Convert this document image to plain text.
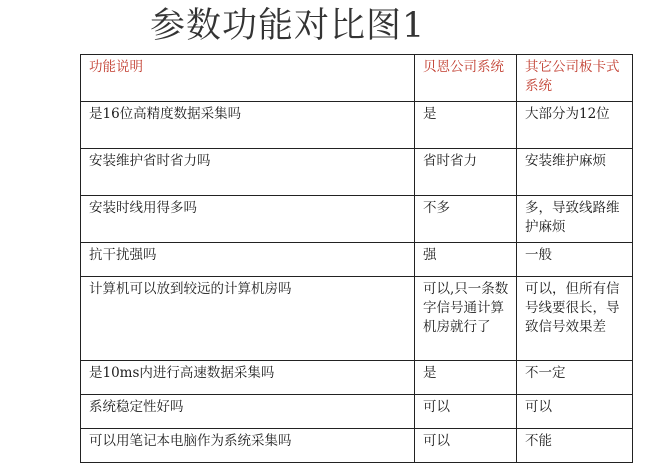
参数功能对比图1
功能说明	贝恩公司系统	其它公司板卡式系统
是16位高精度数据采集吗	是	大部分为12位
安装维护省时省力吗	省时省力	安装维护麻烦
安装时线用得多吗	不多	多，导致线路维护麻烦
抗干扰强吗	强	一般
计算机可以放到较远的计算机房吗	可以,只一条数字信号通计算机房就行了	可以，但所有信号线要很长，导致信号效果差
是10ms内进行高速数据采集吗	是	不一定
系统稳定性好吗	可以	可以
可以用笔记本电脑作为系统采集吗	可以	不能
